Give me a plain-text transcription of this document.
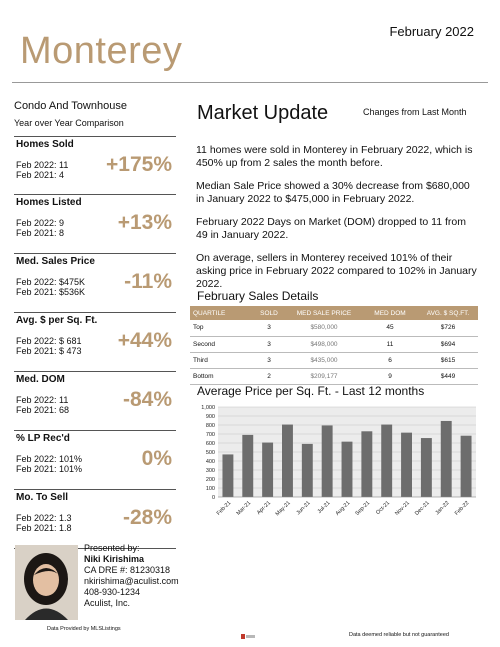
Monterey	February 2022
Condo And Townhouse
Year over Year Comparison
Homes Sold
Feb 2022: 11
Feb 2021: 4 +175%
Homes Listed
Feb 2022: 9
Feb 2021: 8	+13%
Med. Sales Price
Feb 2022: $475K
Feb 2021: $536K -11%
Avg. $ per Sq. Ft.
Feb 2022: $ 681
Feb 2021: $ 473 +44%
Med. DOM
Feb 2022: 11
Feb 2021: 68	-84%
% LP Rec'd
Feb 2022: 101%
Feb 2021: 101%	0%
Mo. To Sell
Feb 2022: 1.3
Feb 2021: 1.8 -28%
Market Update	Changes from Last Month

11 homes were sold in Monterey in February 2022, which is 450% up from 2 sales the month before.

Median Sale Price showed a 30% decrease from $680,000 in January 2022 to $475,000 in February 2022.

February 2022 Days on Market (DOM) dropped to 11 from 49 in January 2022.

On average, sellers in Monterey received 101% of their asking price in February 2022 compared to 102% in January 2022.

February Sales Details
QUARTILE	SOLD	MED SALE PRICE	MED DOM	AVG. $ SQ.FT.
Top	3	$580,000	45	$726
Second	3	$498,000	11	$694
Third	3	$435,000	6	$615
Bottom	2	$209,177	9	$449
Average Price per Sq. Ft. - Last 12 months
0
100
200
300
400
500
600
700
800
900
1,000
Feb-21 Mar-21 Apr-21 May-21 Jun-21 Jul-21 Aug-21 Sep-21 Oct-21 Nov-21 Dec-21 Jan-22 Feb-22
Presented by:
Niki Kirishima
CA DRE #: 81230318
nkirishima@aculist.com
408-930-1234
Aculist, Inc.
Data Provided by MLSListings
Data deemed reliable but not guaranteed
